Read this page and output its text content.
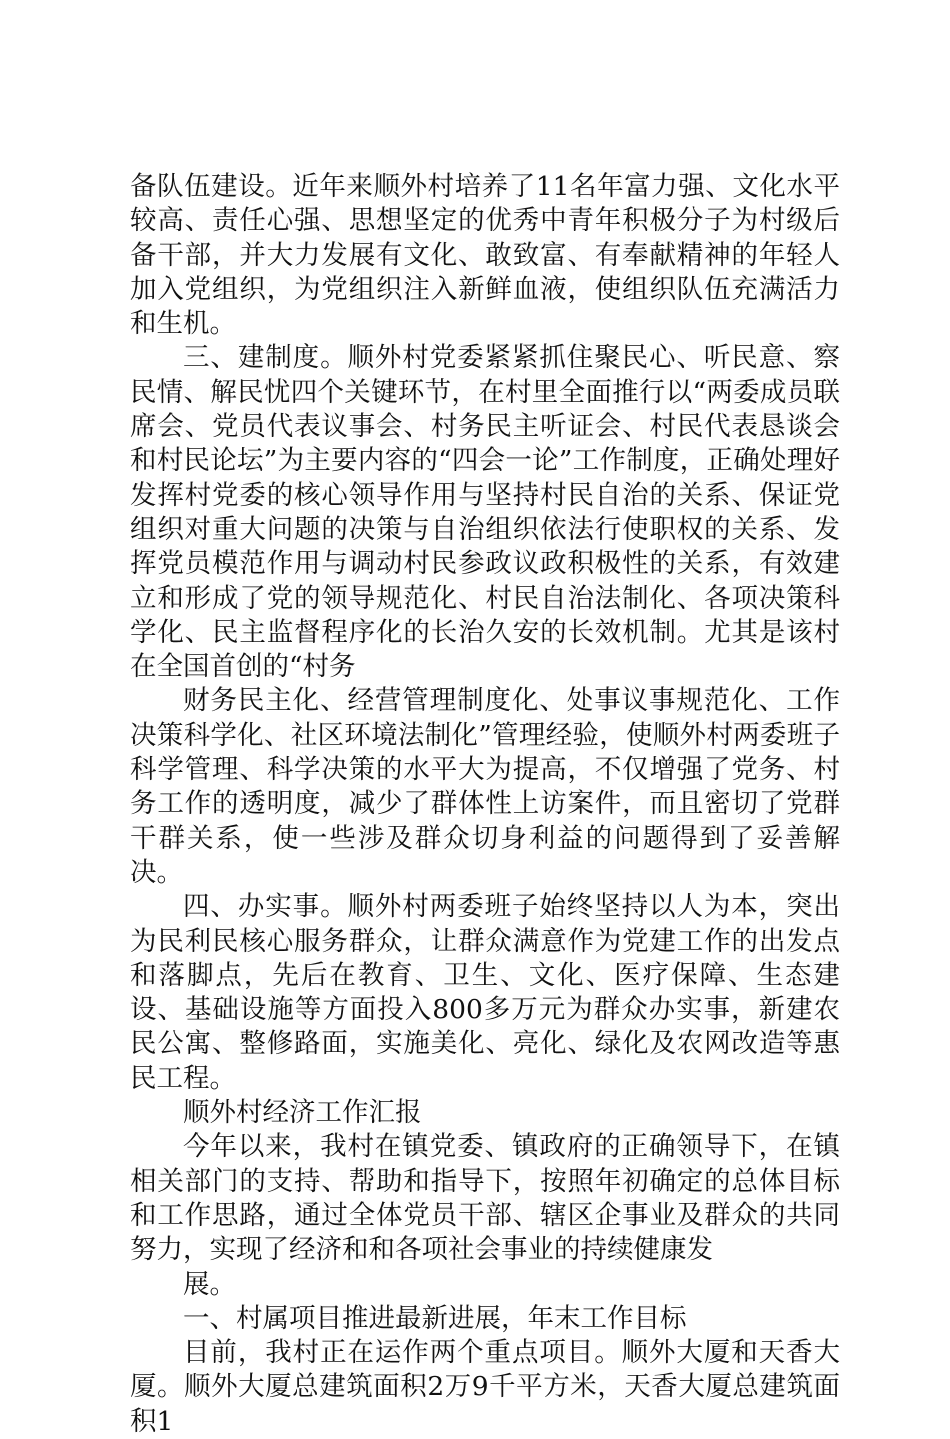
备队伍建设。近年来顺外村培养了11名年富力强、文化水平较高、责任心强、思想坚定的优秀中青年积极分子为村级后备干部，并大力发展有文化、敢致富、有奉献精神的年轻人加入党组织，为党组织注入新鲜血液，使组织队伍充满活力和生机。

三、建制度。顺外村党委紧紧抓住聚民心、听民意、察民情、解民忧四个关键环节，在村里全面推行以“两委成员联席会、党员代表议事会、村务民主听证会、村民代表恳谈会和村民论坛”为主要内容的“四会一论”工作制度，正确处理好发挥村党委的核心领导作用与坚持村民自治的关系、保证党组织对重大问题的决策与自治组织依法行使职权的关系、发挥党员模范作用与调动村民参政议政积极性的关系，有效建立和形成了党的领导规范化、村民自治法制化、各项决策科学化、民主监督程序化的长治久安的长效机制。尤其是该村在全国首创的“村务

财务民主化、经营管理制度化、处事议事规范化、工作决策科学化、社区环境法制化”管理经验，使顺外村两委班子科学管理、科学决策的水平大为提高，不仅增强了党务、村务工作的透明度，减少了群体性上访案件，而且密切了党群干群关系，使一些涉及群众切身利益的问题得到了妥善解决。

四、办实事。顺外村两委班子始终坚持以人为本，突出为民利民核心服务群众，让群众满意作为党建工作的出发点和落脚点，先后在教育、卫生、文化、医疗保障、生态建设、基础设施等方面投入800多万元为群众办实事，新建农民公寓、整修路面，实施美化、亮化、绿化及农网改造等惠民工程。

顺外村经济工作汇报

今年以来，我村在镇党委、镇政府的正确领导下，在镇相关部门的支持、帮助和指导下，按照年初确定的总体目标和工作思路，通过全体党员干部、辖区企事业及群众的共同努力，实现了经济和和各项社会事业的持续健康发

展。

一、村属项目推进最新进展，年末工作目标

目前，我村正在运作两个重点项目。顺外大厦和天香大厦。顺外大厦总建筑面积2万9千平方米，天香大厦总建筑面积1
